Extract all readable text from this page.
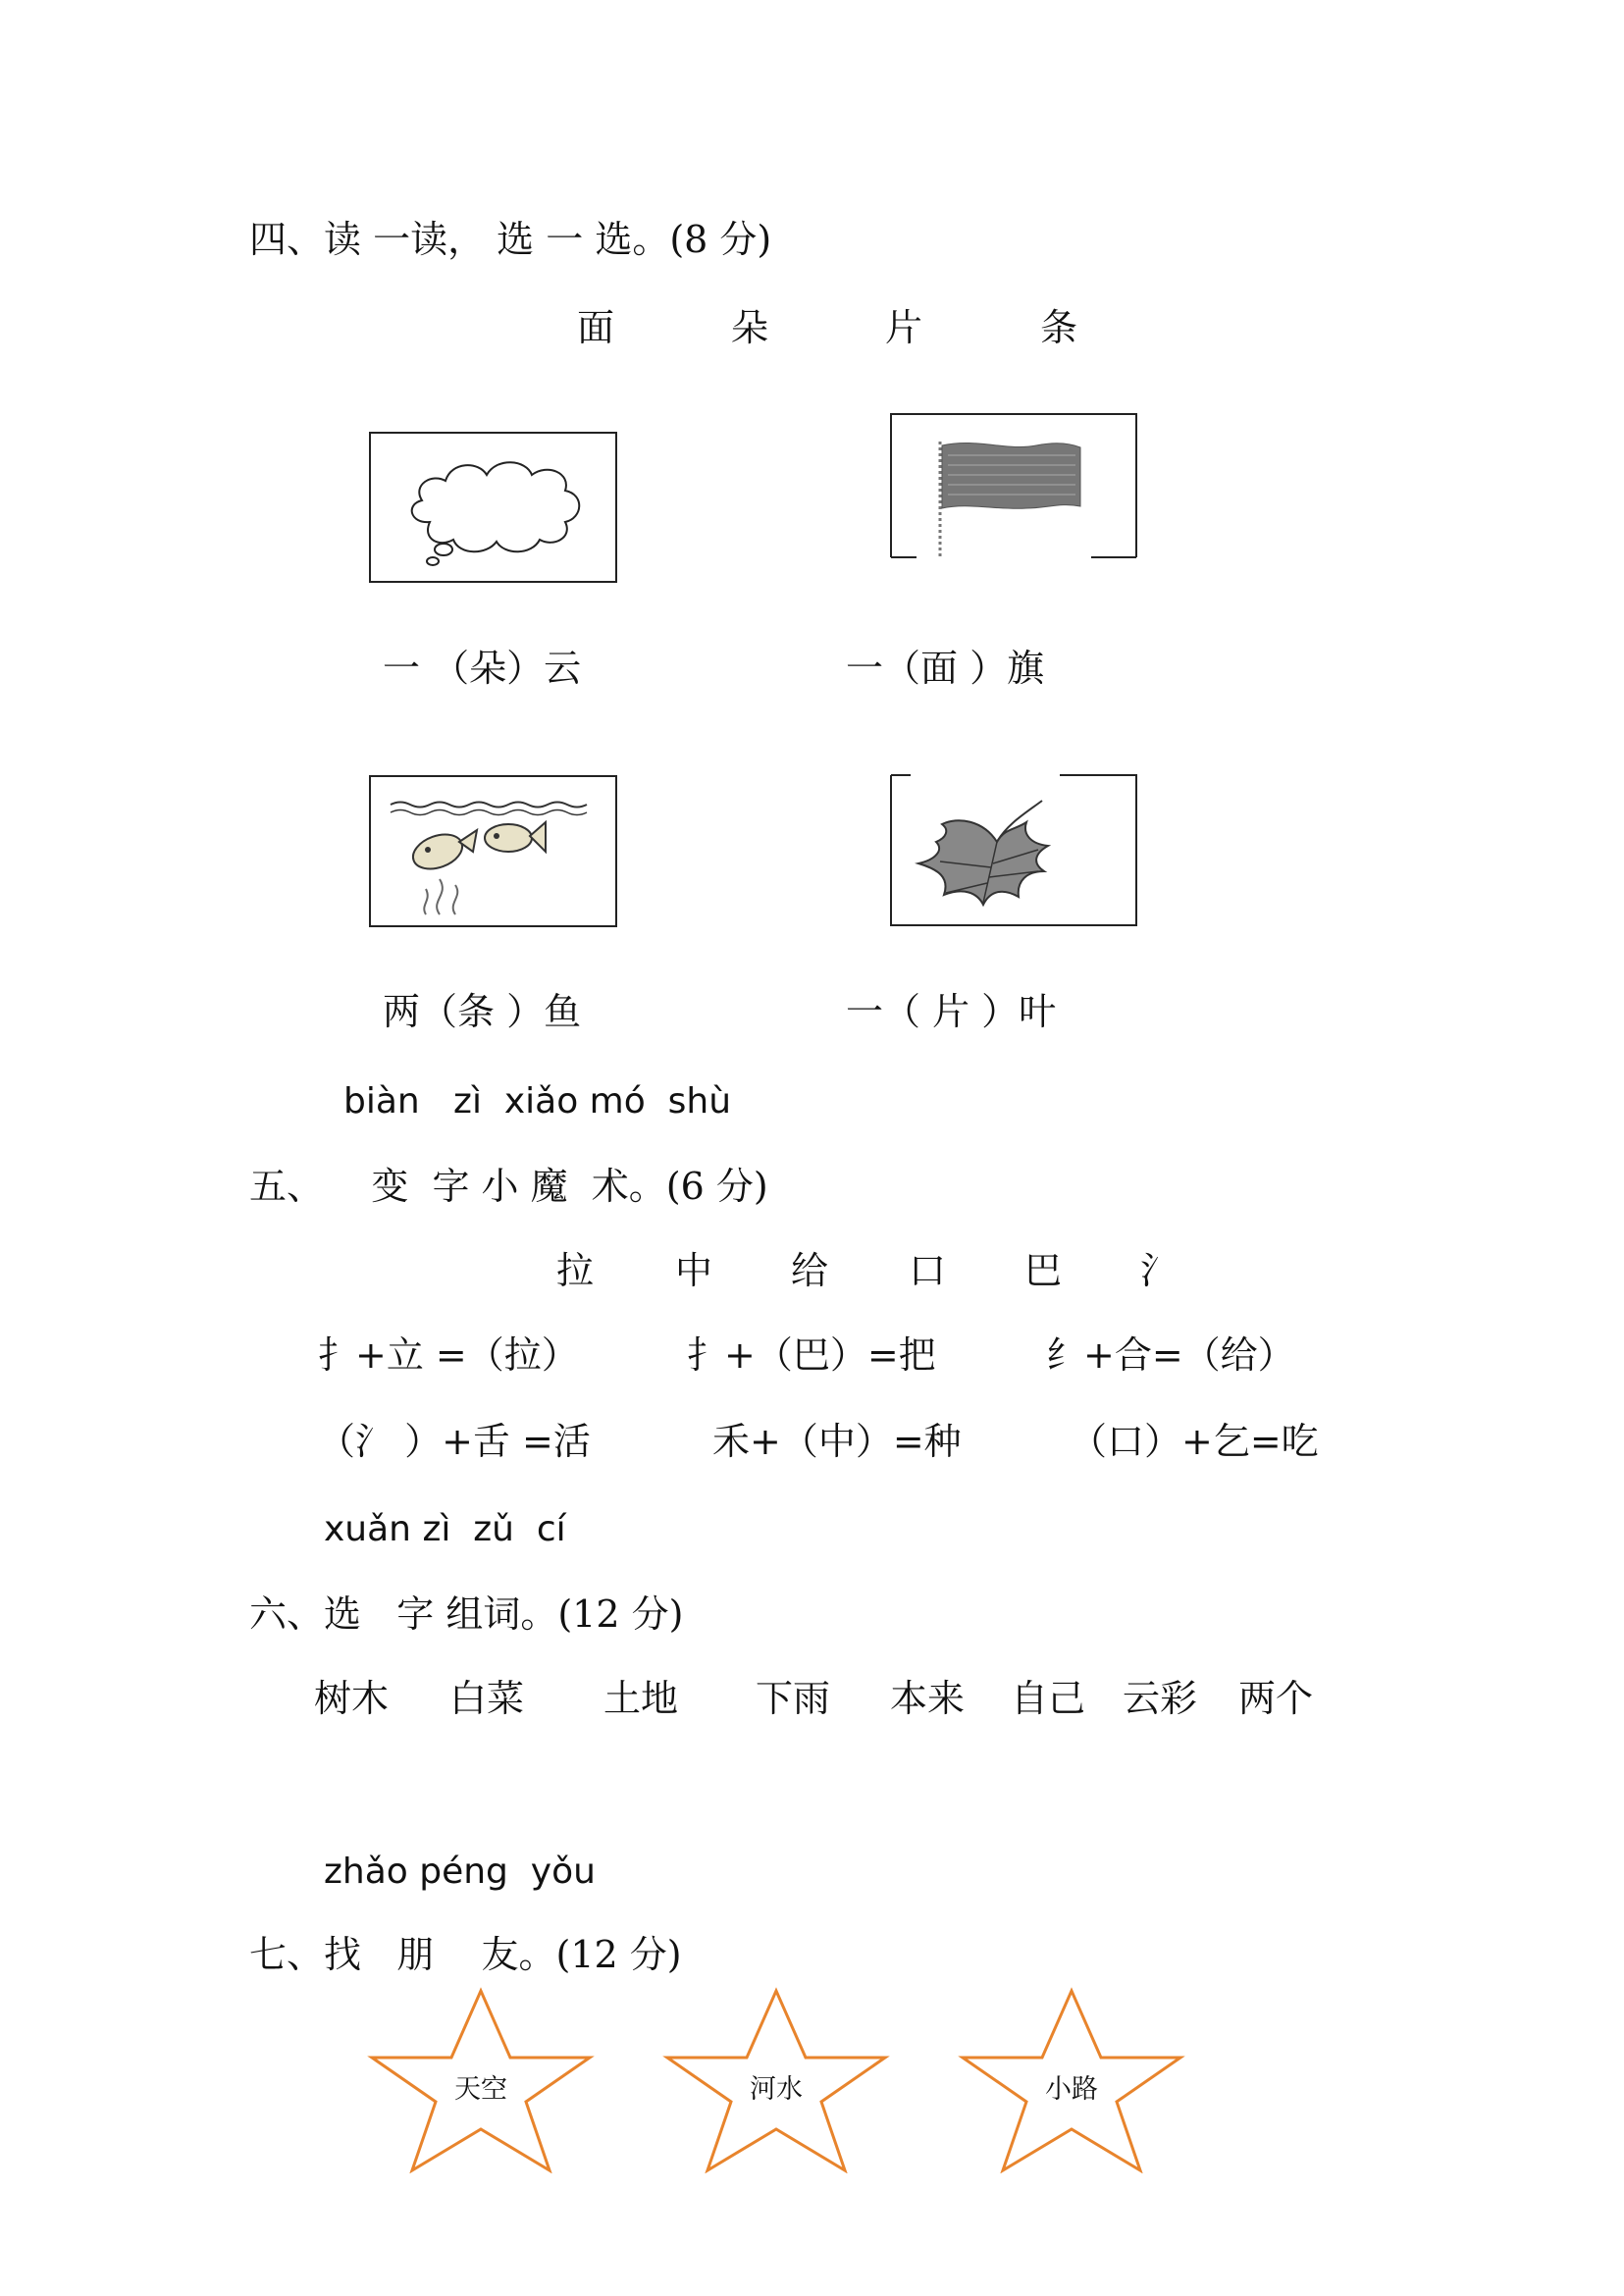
四、读 一读， 选 一 选。(8 分)
面	朵	片	条
一 （朵）云	一（面 ）旗
两（条 ）鱼	一（ 片 ）叶
biàn   zì  xiǎo mó  shù
五、    变  字 小 魔  术。(6 分)
拉 中 给 口 巴 氵
扌+立 =（拉）	扌+（巴）=把	纟+合=（给）
（氵 ）+舌 =活	禾+（中）=种	（口）+乞=吃
xuǎn zì  zǔ  cí
六、选   字 组词。(12 分)
树木 白菜 土地 下雨 本来 自己 云彩 两个
zhǎo péng  yǒu
七、找   朋    友。(12 分)
天空	河水	小路
